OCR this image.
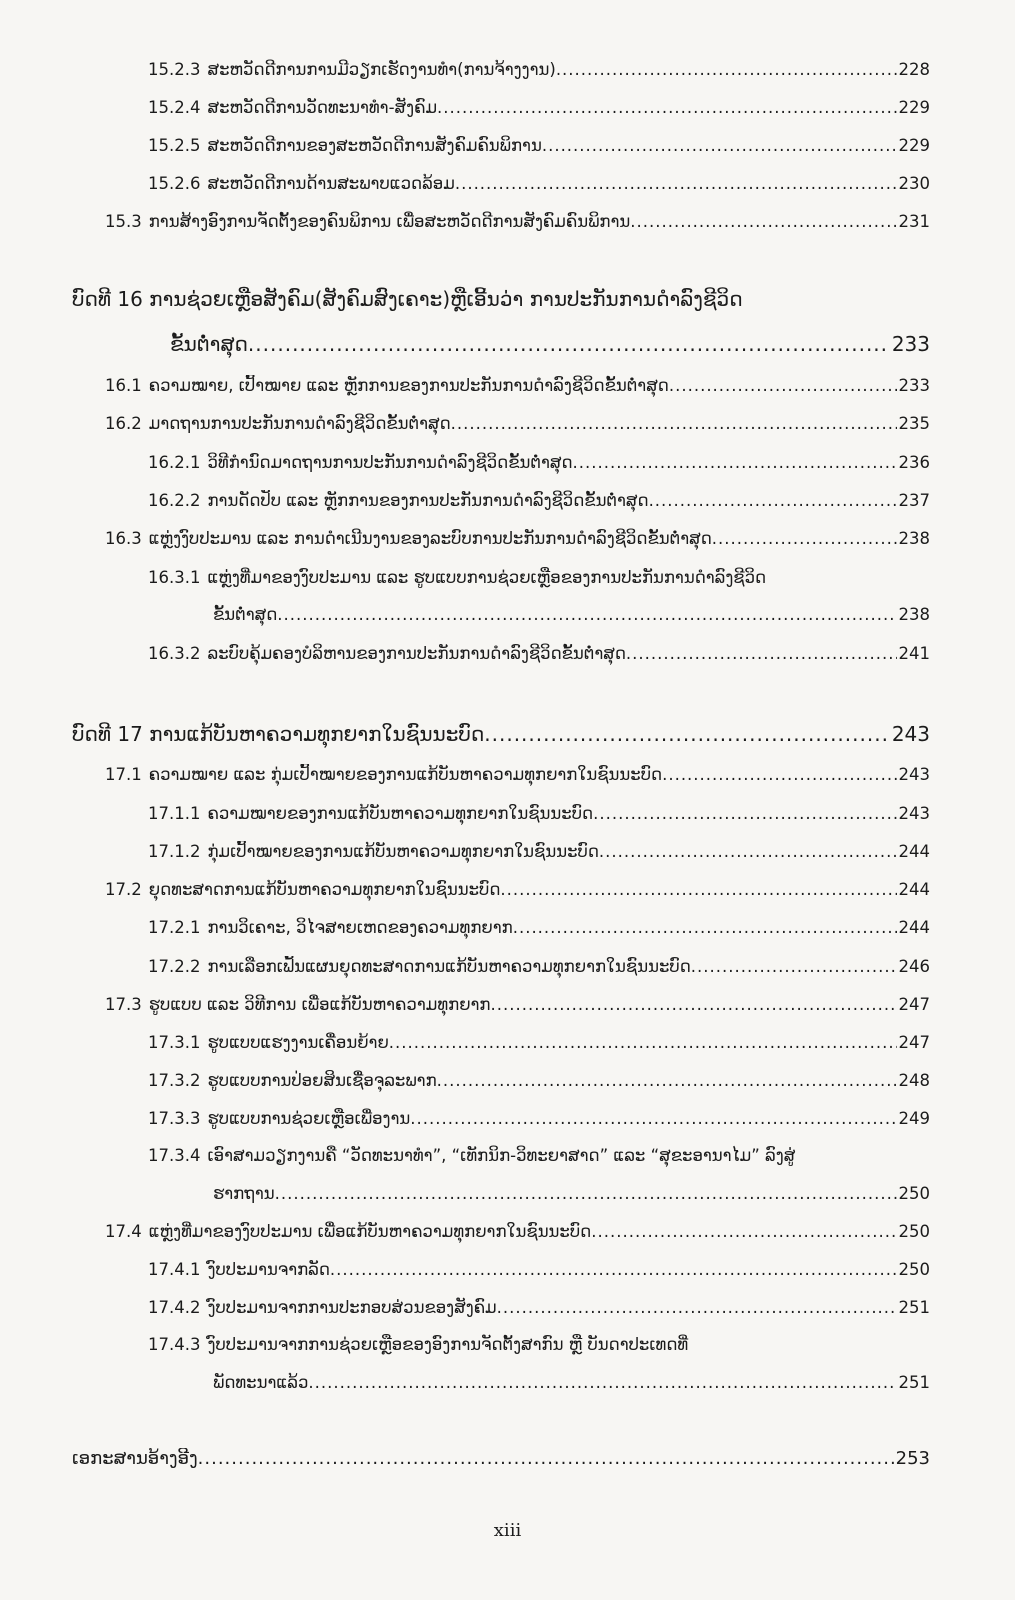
15.2.3 ສະຫວັດດີການການມີວຽກເຮັດງານທຳ(ການຈ້າງງານ) .....	228
15.2.4 ສະຫວັດດີການວັດທະນາທຳ-ສັງຄົມ .....	229
15.2.5 ສະຫວັດດີການຂອງສະຫວັດດີການສັງຄົມຄົນພິການ .....	229
15.2.6 ສະຫວັດດີການດ້ານສະພາບແວດລ້ອມ .....	230
15.3 ການສ້າງອົງການຈັດຕັ້ງຂອງຄົນພິການ ເພື່ອສະຫວັດດີການສັງຄົມຄົນພິການ .....	231
ບົດທີ 16 ການຊ່ວຍເຫຼືອສັງຄົມ(ສັງຄົມສົງເຄາະ)ຫຼືເອີ້ນວ່າ ການປະກັນການດຳລົງຊີວິດ
ຂັ້ນຕ່ຳສຸດ .....	233
16.1 ຄວາມໝາຍ, ເປົ້າໝາຍ ແລະ ຫຼັກການຂອງການປະກັນການດຳລົງຊີວິດຂັ້ນຕ່ຳສຸດ .....	233
16.2 ມາດຖານການປະກັນການດຳລົງຊີວິດຂັ້ນຕ່ຳສຸດ .....	235
16.2.1 ວິທີກຳນົດມາດຖານການປະກັນການດຳລົງຊີວິດຂັ້ນຕ່ຳສຸດ .....	236
16.2.2 ການດັດປັບ ແລະ ຫຼັກການຂອງການປະກັນການດຳລົງຊີວິດຂັ້ນຕ່ຳສຸດ .....	237
16.3 ແຫຼ່ງງົບປະມານ ແລະ ການດຳເນີນງານຂອງລະບົບການປະກັນການດຳລົງຊີວິດຂັ້ນຕ່ຳສຸດ .....	238
16.3.1 ແຫຼ່ງທີ່ມາຂອງງົບປະມານ ແລະ ຮູບແບບການຊ່ວຍເຫຼືອຂອງການປະກັນການດຳລົງຊີວິດ
ຂັ້ນຕ່ຳສຸດ .....	238
16.3.2 ລະບົບຄຸ້ມຄອງບໍລິຫານຂອງການປະກັນການດຳລົງຊີວິດຂັ້ນຕ່ຳສຸດ .....	241
ບົດທີ 17 ການແກ້ບັນຫາຄວາມທຸກຍາກໃນຊົນນະບົດ .....	243
17.1 ຄວາມໝາຍ ແລະ ກຸ່ມເປົ້າໝາຍຂອງການແກ້ບັນຫາຄວາມທຸກຍາກໃນຊົນນະບົດ .....	243
17.1.1 ຄວາມໝາຍຂອງການແກ້ບັນຫາຄວາມທຸກຍາກໃນຊົນນະບົດ .....	243
17.1.2 ກຸ່ມເປົ້າໝາຍຂອງການແກ້ບັນຫາຄວາມທຸກຍາກໃນຊົນນະບົດ .....	244
17.2 ຍຸດທະສາດການແກ້ບັນຫາຄວາມທຸກຍາກໃນຊົນນະບົດ .....	244
17.2.1 ການວິເຄາະ, ວິໄຈສາຍເຫດຂອງຄວາມທຸກຍາກ .....	244
17.2.2 ການເລືອກເຟັ້ນແຜນຍຸດທະສາດການແກ້ບັນຫາຄວາມທຸກຍາກໃນຊົນນະບົດ .....	246
17.3 ຮູບແບບ ແລະ ວິທີການ ເພື່ອແກ້ບັນຫາຄວາມທຸກຍາກ .....	247
17.3.1 ຮູບແບບແຮງງານເຄື່ອນຍ້າຍ .....	247
17.3.2 ຮູບແບບການປ່ອຍສິນເຊື່ອຈຸລະພາກ .....	248
17.3.3 ຮູບແບບການຊ່ວຍເຫຼືອເພື່ອງານ .....	249
17.3.4 ເອົາສາມວຽກງານຄື “ວັດທະນາທຳ”, “ເທັກນິກ-ວິທະຍາສາດ” ແລະ “ສຸຂະອານາໄມ” ລົງສູ່
ຮາກຖານ .....	250
17.4 ແຫຼ່ງທີ່ມາຂອງງົບປະມານ ເພື່ອແກ້ບັນຫາຄວາມທຸກຍາກໃນຊົນນະບົດ .....	250
17.4.1 ງົບປະມານຈາກລັດ .....	250
17.4.2 ງົບປະມານຈາກການປະກອບສ່ວນຂອງສັງຄົມ .....	251
17.4.3 ງົບປະມານຈາກການຊ່ວຍເຫຼືອຂອງອົງການຈັດຕັ້ງສາກົນ ຫຼື ບັນດາປະເທດທີ່
ພັດທະນາແລ້ວ .....	251
ເອກະສານອ້າງອີງ .....	253
xiii
